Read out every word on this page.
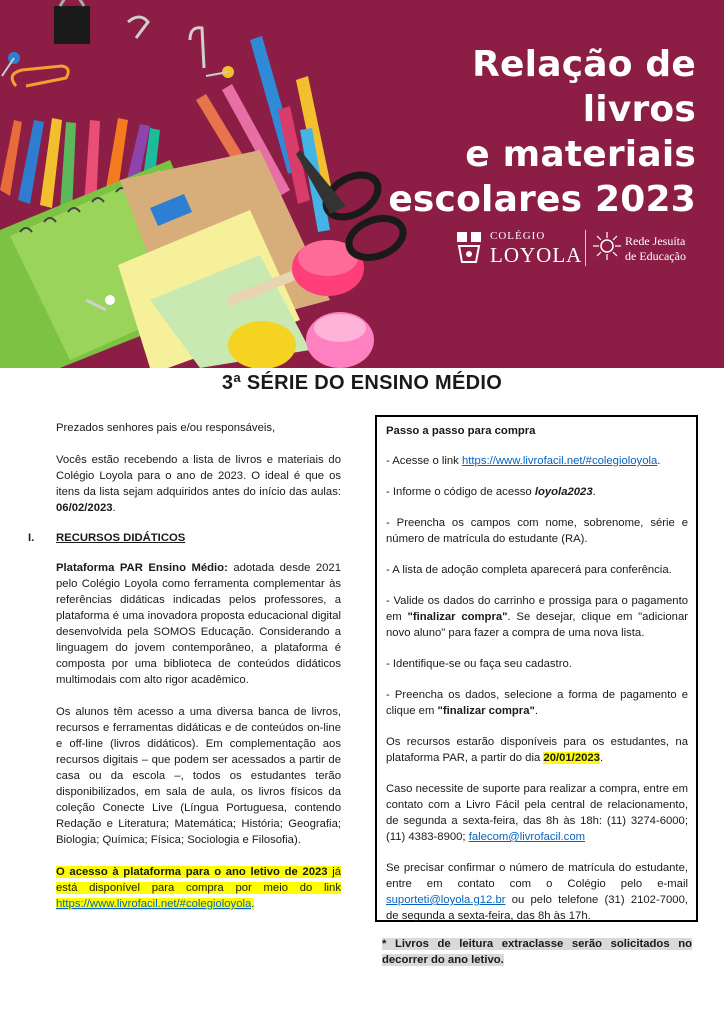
Relação de livros
e materiais
escolares 2023
COLÉGIO
LOYOLA
Rede Jesuíta
de Educação
3ª SÉRIE DO ENSINO MÉDIO

Prezados senhores pais e/ou responsáveis,

Vocês estão recebendo a lista de livros e materiais do Colégio Loyola para o ano de 2023. O ideal é que os itens da lista sejam adquiridos antes do início das aulas: 06/02/2023.

I. RECURSOS DIDÁTICOS

Plataforma PAR Ensino Médio: adotada desde 2021 pelo Colégio Loyola como ferramenta complementar às referências didáticas indicadas pelos professores, a plataforma é uma inovadora proposta educacional digital desenvolvida pela SOMOS Educação. Considerando a linguagem do jovem contemporâneo, a plataforma é composta por uma biblioteca de conteúdos didáticos multimodais com alto rigor acadêmico.

Os alunos têm acesso a uma diversa banca de livros, recursos e ferramentas didáticas e de conteúdos on-line e off-line (livros didáticos). Em complementação aos recursos digitais – que podem ser acessados a partir de casa ou da escola –, todos os estudantes terão disponibilizados, em sala de aula, os livros físicos da coleção Conecte Live (Língua Portuguesa, contendo Redação e Literatura; Matemática; História; Geografia; Biologia; Química; Física; Sociologia e Filosofia).

O acesso à plataforma para o ano letivo de 2023 já está disponível para compra por meio do link https://www.livrofacil.net/#colegioloyola.

Passo a passo para compra

- Acesse o link https://www.livrofacil.net/#colegioloyola.

- Informe o código de acesso loyola2023.

- Preencha os campos com nome, sobrenome, série e número de matrícula do estudante (RA).

- A lista de adoção completa aparecerá para conferência.

- Valide os dados do carrinho e prossiga para o pagamento em "finalizar compra". Se desejar, clique em "adicionar novo aluno" para fazer a compra de uma nova lista.

- Identifique-se ou faça seu cadastro.

- Preencha os dados, selecione a forma de pagamento e clique em "finalizar compra".

Os recursos estarão disponíveis para os estudantes, na plataforma PAR, a partir do dia 20/01/2023.

Caso necessite de suporte para realizar a compra, entre em contato com a Livro Fácil pela central de relacionamento, de segunda a sexta-feira, das 8h às 18h: (11) 3274-6000; (11) 4383-8900; falecom@livrofacil.com

Se precisar confirmar o número de matrícula do estudante, entre em contato com o Colégio pelo e-mail suporteti@loyola.g12.br ou pelo telefone (31) 2102-7000, de segunda a sexta-feira, das 8h às 17h.

* Livros de leitura extraclasse serão solicitados no decorrer do ano letivo.
